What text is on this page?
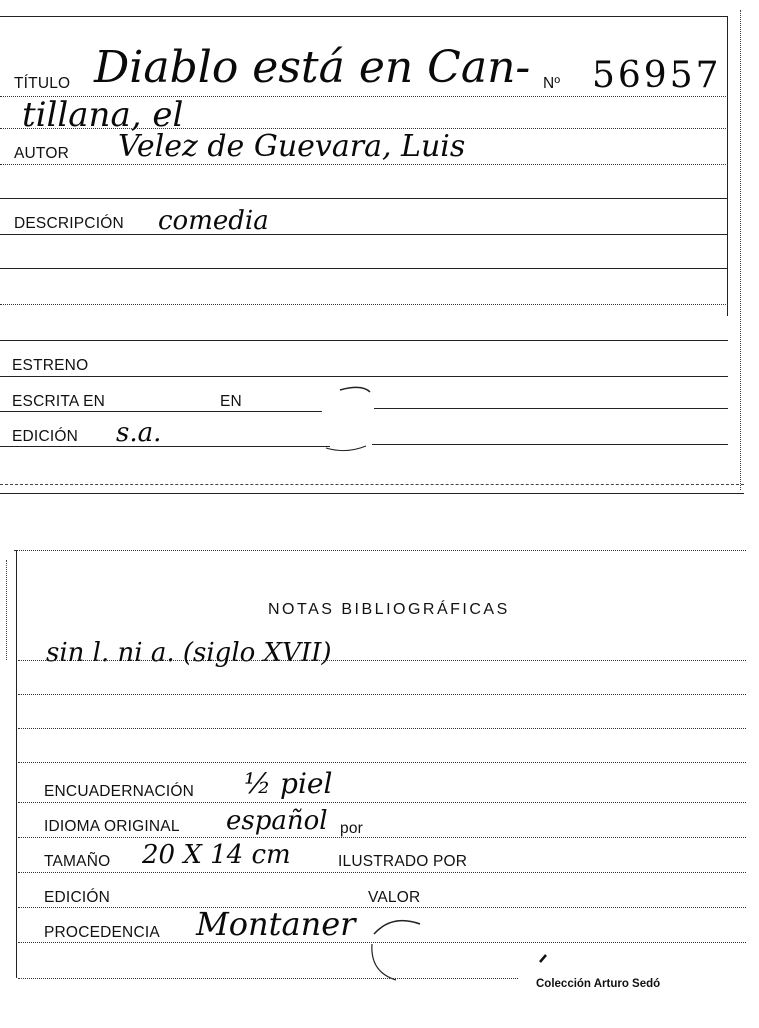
TÍTULO Diablo está en Can- Nº 56957
tillana, el
AUTOR Velez de Guevara, Luis
DESCRIPCIÓN comedia
ESTRENO
ESCRITA EN	EN
EDICIÓN s.a.
NOTAS BIBLIOGRÁFICAS
sin l. ni a. (siglo XVII)
ENCUADERNACIÓN ½ piel
IDIOMA ORIGINAL español por
TAMAÑO 20 X 14 cm	ILUSTRADO POR
EDICIÓN	VALOR
PROCEDENCIA Montaner
Colección Arturo Sedó
